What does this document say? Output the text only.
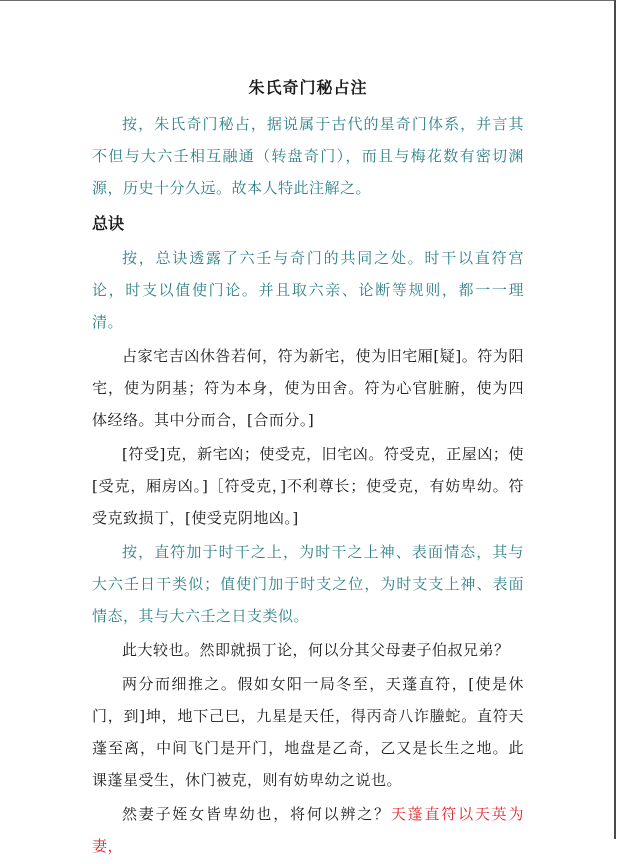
朱氏奇门秘占注

按，朱氏奇门秘占，据说属于古代的星奇门体系，并言其不但与大六壬相互融通（转盘奇门），而且与梅花数有密切渊源，历史十分久远。故本人特此注解之。

总诀

按，总诀透露了六壬与奇门的共同之处。时干以直符宫论，时支以值使门论。并且取六亲、论断等规则，都一一理清。

占家宅吉凶休咎若何，符为新宅，使为旧宅厢[疑]。符为阳宅，使为阴基；符为本身，使为田舍。符为心官脏腑，使为四体经络。其中分而合，[合而分。]

[符受]克，新宅凶；使受克，旧宅凶。符受克，正屋凶；使[受克，厢房凶。]［符受克，]不利尊长；使受克，有妨卑幼。符受克致损丁，[使受克阴地凶。]

按，直符加于时干之上，为时干之上神、表面情态，其与大六壬日干类似；值使门加于时支之位，为时支支上神、表面情态，其与大六壬之日支类似。

此大较也。然即就损丁论，何以分其父母妻子伯叔兄弟？

两分而细推之。假如女阳一局冬至，天蓬直符，[使是休门，到]坤，地下己巳，九星是天任，得丙奇八诈螣蛇。直符天蓬至离，中间飞门是开门，地盘是乙奇，乙又是长生之地。此课蓬星受生，休门被克，则有妨卑幼之说也。

然妻子姪女皆卑幼也，将何以辨之？天蓬直符以天英为妻，
